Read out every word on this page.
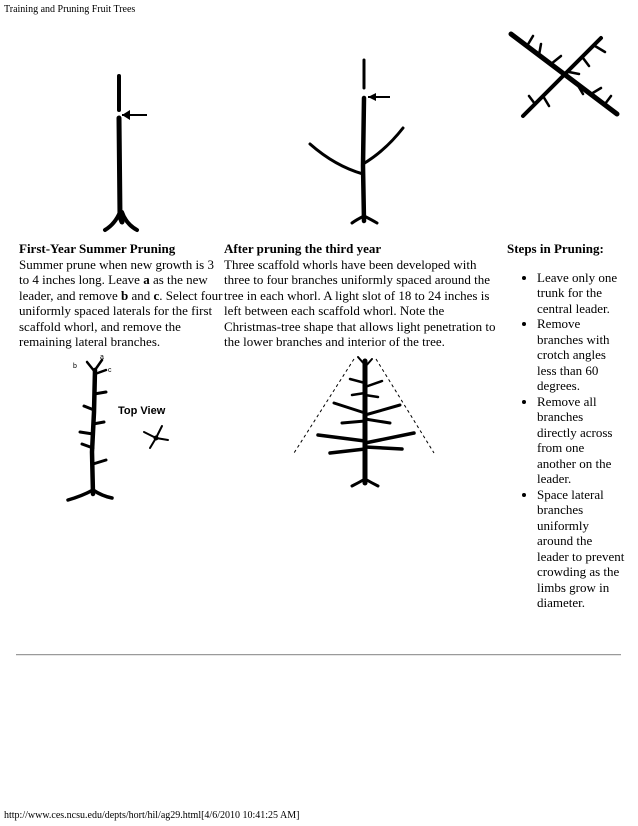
Training and Pruning Fruit Trees
First-Year Summer Pruning

Summer prune when new growth is 3 to 4 inches long. Leave a as the new leader, and remove b and c. Select four uniformly spaced laterals for the first scaffold whorl, and remove the remaining lateral branches.

After pruning the third year

Three scaffold whorls have been developed with three to four branches uniformly spaced around the tree in each whorl. A light slot of 18 to 24 inches is left between each scaffold whorl. Note the Christmas-tree shape that allows light penetration to the lower branches and interior of the tree.

Steps in Pruning:
• Leave only one trunk for the central leader.
• Remove branches with crotch angles less than 60 degrees.
• Remove all branches directly across from one another on the leader.
• Space lateral branches uniformly around the leader to prevent crowding as the limbs grow in diameter.
b
a
c
Top View
http://www.ces.ncsu.edu/depts/hort/hil/ag29.html[4/6/2010 10:41:25 AM]
